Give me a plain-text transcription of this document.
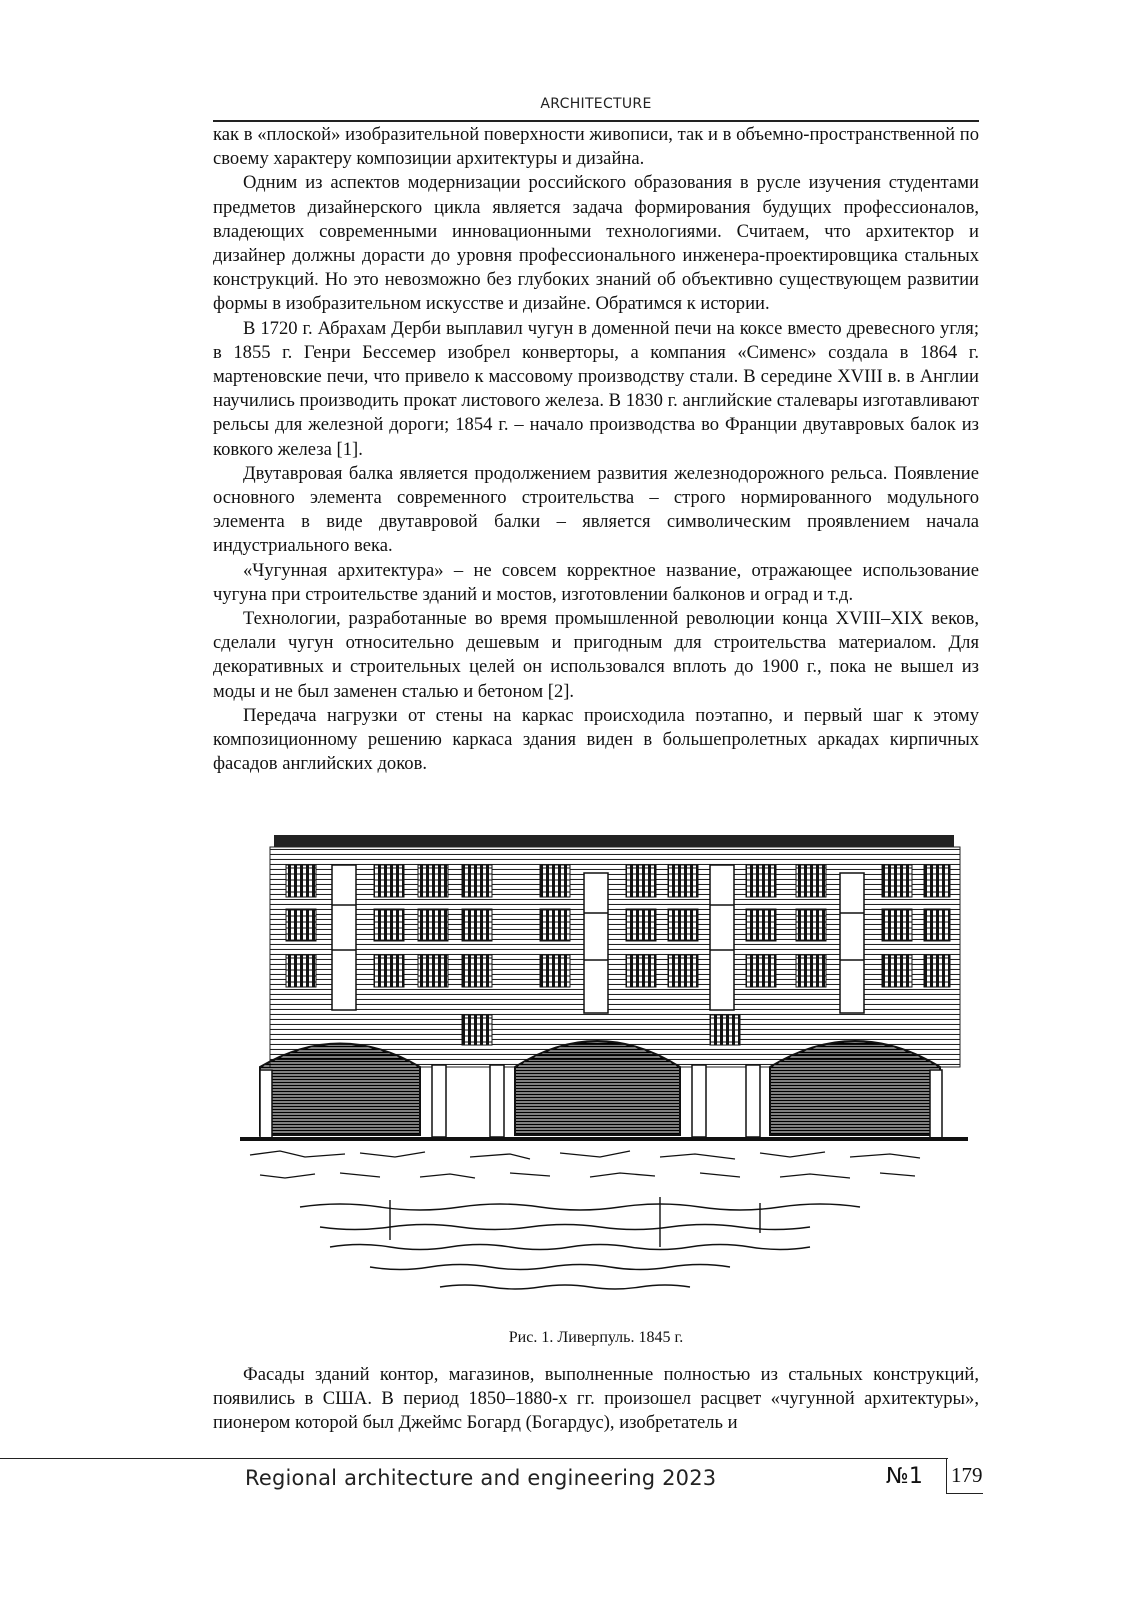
ARCHITECTURE

как в «плоской» изобразительной поверхности живописи, так и в объемно-пространственной по своему характеру композиции архитектуры и дизайна.

Одним из аспектов модернизации российского образования в русле изучения студентами предметов дизайнерского цикла является задача формирования будущих профессионалов, владеющих современными инновационными технологиями. Считаем, что архитектор и дизайнер должны дорасти до уровня профессионального инженера-проектировщика стальных конструкций. Но это невозможно без глубоких знаний об объективно существующем развитии формы в изобразительном искусстве и дизайне. Обратимся к истории.

В 1720 г. Абрахам Дерби выплавил чугун в доменной печи на коксе вместо древесного угля; в 1855 г. Генри Бессемер изобрел конверторы, а компания «Сименс» создала в 1864 г. мартеновские печи, что привело к массовому производству стали. В середине XVIII в. в Англии научились производить прокат листового железа. В 1830 г. английские сталевары изготавливают рельсы для железной дороги; 1854 г. – начало производства во Франции двутавровых балок из ковкого железа [1].

Двутавровая балка является продолжением развития железнодорожного рельса. Появление основного элемента современного строительства – строго нормированного модульного элемента в виде двутавровой балки – является символическим проявлением начала индустриального века.

«Чугунная архитектура» – не совсем корректное название, отражающее использование чугуна при строительстве зданий и мостов, изготовлении балконов и оград и т.д.

Технологии, разработанные во время промышленной революции конца XVIII–XIX веков, сделали чугун относительно дешевым и пригодным для строительства материалом. Для декоративных и строительных целей он использовался вплоть до 1900 г., пока не вышел из моды и не был заменен сталью и бетоном [2].

Передача нагрузки от стены на каркас происходила поэтапно, и первый шаг к этому композиционному решению каркаса здания виден в большепролетных аркадах кирпичных фасадов английских доков.

Рис. 1. Ливерпуль. 1845 г.

Фасады зданий контор, магазинов, выполненные полностью из стальных конструкций, появились в США. В период 1850–1880-х гг. произошел расцвет «чугунной архитектуры», пионером которой был Джеймс Богард (Богардус), изобретатель и

Regional architecture and engineering 2023	№1 179
